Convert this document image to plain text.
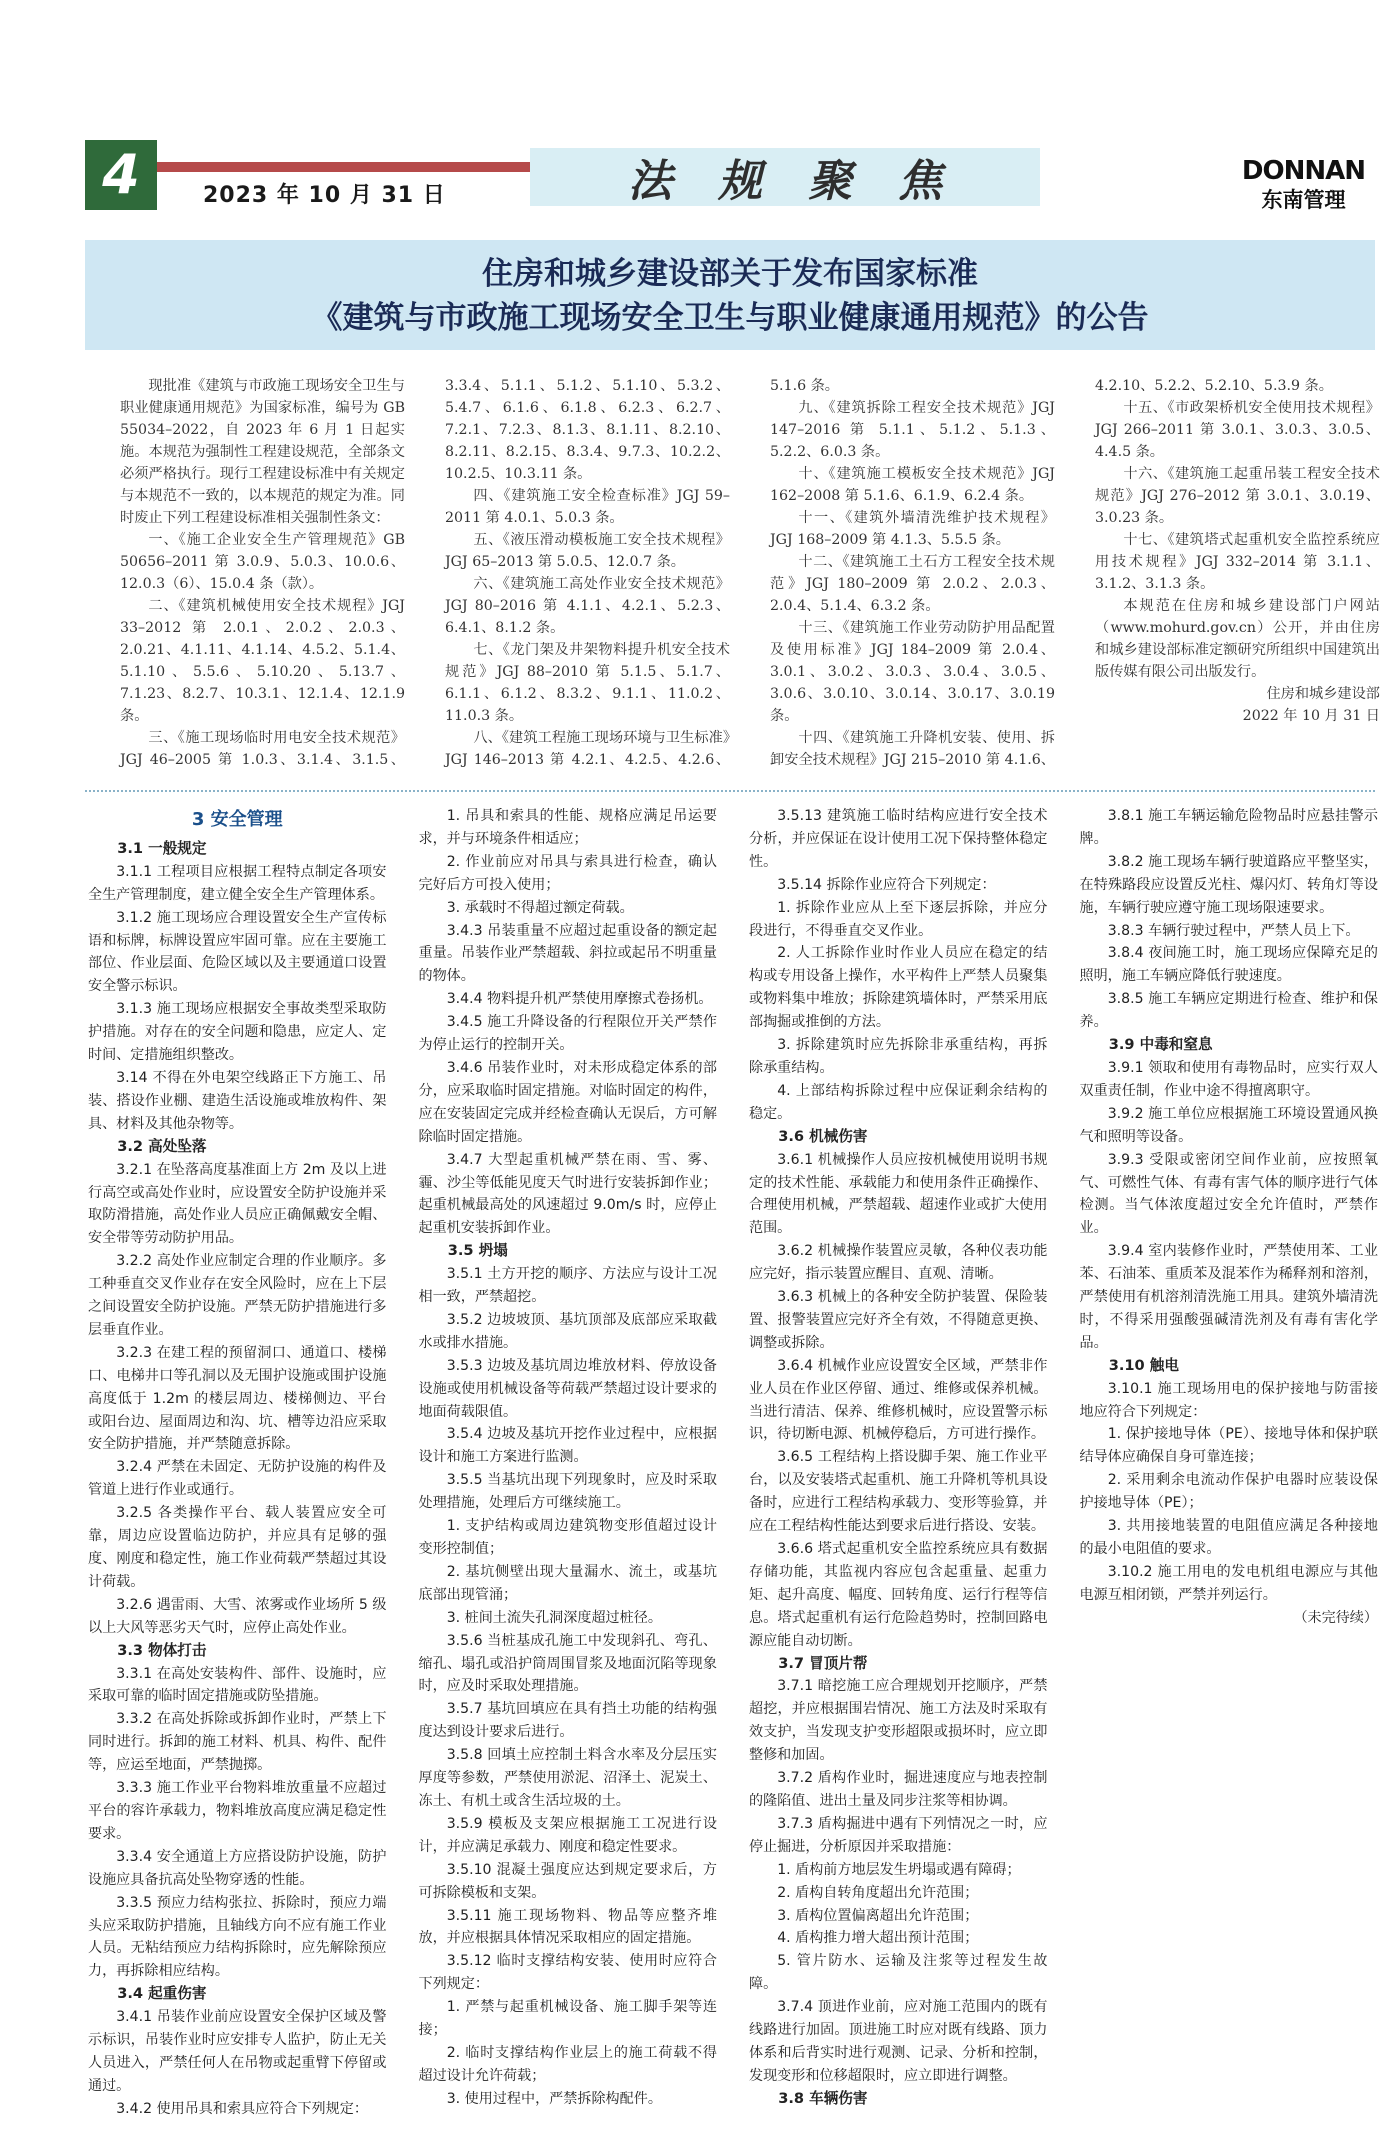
4	2023 年 10 月 31 日	法 规 聚 焦	DONNAN
东南管理
住房和城乡建设部关于发布国家标准
《建筑与市政施工现场安全卫生与职业健康通用规范》的公告

现批准《建筑与市政施工现场安全卫生与职业健康通用规范》为国家标准，编号为 GB 55034–2022，自 2023 年 6 月 1 日起实施。本规范为强制性工程建设规范，全部条文必须严格执行。现行工程建设标准中有关规定与本规范不一致的，以本规范的规定为准。同时废止下列工程建设标准相关强制性条文：

一、《施工企业安全生产管理规范》GB 50656–2011 第 3.0.9、5.0.3、10.0.6、12.0.3（6）、15.0.4 条（款）。

二、《建筑机械使用安全技术规程》JGJ 33–2012 第 2.0.1、2.0.2、2.0.3、2.0.21、4.1.11、4.1.14、4.5.2、5.1.4、5.1.10、5.5.6、5.10.20、5.13.7、7.1.23、8.2.7、10.3.1、12.1.4、12.1.9 条。

三、《施工现场临时用电安全技术规范》JGJ 46–2005 第 1.0.3、3.1.4、3.1.5、3.3.4、5.1.1、5.1.2、5.1.10、5.3.2、5.4.7、6.1.6、6.1.8、6.2.3、6.2.7、7.2.1、7.2.3、8.1.3、8.1.11、8.2.10、8.2.11、8.2.15、8.3.4、9.7.3、10.2.2、10.2.5、10.3.11 条。

四、《建筑施工安全检查标准》JGJ 59–2011 第 4.0.1、5.0.3 条。

五、《液压滑动模板施工安全技术规程》JGJ 65–2013 第 5.0.5、12.0.7 条。

六、《建筑施工高处作业安全技术规范》JGJ 80–2016 第 4.1.1、4.2.1、5.2.3、6.4.1、8.1.2 条。

七、《龙门架及井架物料提升机安全技术规范》JGJ 88–2010 第 5.1.5、5.1.7、6.1.1、6.1.2、8.3.2、9.1.1、11.0.2、11.0.3 条。

八、《建筑工程施工现场环境与卫生标准》JGJ 146–2013 第 4.2.1、4.2.5、4.2.6、5.1.6 条。

九、《建筑拆除工程安全技术规范》JGJ 147–2016 第 5.1.1、5.1.2、5.1.3、5.2.2、6.0.3 条。

十、《建筑施工模板安全技术规范》JGJ 162–2008 第 5.1.6、6.1.9、6.2.4 条。

十一、《建筑外墙清洗维护技术规程》JGJ 168–2009 第 4.1.3、5.5.5 条。

十二、《建筑施工土石方工程安全技术规范》JGJ 180–2009 第 2.0.2、2.0.3、2.0.4、5.1.4、6.3.2 条。

十三、《建筑施工作业劳动防护用品配置及使用标准》JGJ 184–2009 第 2.0.4、3.0.1、3.0.2、3.0.3、3.0.4、3.0.5、3.0.6、3.0.10、3.0.14、3.0.17、3.0.19 条。

十四、《建筑施工升降机安装、使用、拆卸安全技术规程》JGJ 215–2010 第 4.1.6、4.2.10、5.2.2、5.2.10、5.3.9 条。

十五、《市政架桥机安全使用技术规程》JGJ 266–2011 第 3.0.1、3.0.3、3.0.5、4.4.5 条。

十六、《建筑施工起重吊装工程安全技术规范》JGJ 276–2012 第 3.0.1、3.0.19、3.0.23 条。

十七、《建筑塔式起重机安全监控系统应用技术规程》JGJ 332–2014 第 3.1.1、3.1.2、3.1.3 条。

本规范在住房和城乡建设部门户网站（www.mohurd.gov.cn）公开，并由住房和城乡建设部标准定额研究所组织中国建筑出版传媒有限公司出版发行。

住房和城乡建设部

2022 年 10 月 31 日

3 安全管理
3.1 一般规定

3.1.1 工程项目应根据工程特点制定各项安全生产管理制度，建立健全安全生产管理体系。

3.1.2 施工现场应合理设置安全生产宣传标语和标牌，标牌设置应牢固可靠。应在主要施工部位、作业层面、危险区域以及主要通道口设置安全警示标识。

3.1.3 施工现场应根据安全事故类型采取防护措施。对存在的安全问题和隐患，应定人、定时间、定措施组织整改。

3.14 不得在外电架空线路正下方施工、吊装、搭设作业棚、建造生活设施或堆放构件、架具、材料及其他杂物等。

3.2 高处坠落

3.2.1 在坠落高度基准面上方 2m 及以上进行高空或高处作业时，应设置安全防护设施并采取防滑措施，高处作业人员应正确佩戴安全帽、安全带等劳动防护用品。

3.2.2 高处作业应制定合理的作业顺序。多工种垂直交叉作业存在安全风险时，应在上下层之间设置安全防护设施。严禁无防护措施进行多层垂直作业。

3.2.3 在建工程的预留洞口、通道口、楼梯口、电梯井口等孔洞以及无围护设施或围护设施高度低于 1.2m 的楼层周边、楼梯侧边、平台或阳台边、屋面周边和沟、坑、槽等边沿应采取安全防护措施，并严禁随意拆除。

3.2.4 严禁在未固定、无防护设施的构件及管道上进行作业或通行。

3.2.5 各类操作平台、载人装置应安全可靠，周边应设置临边防护，并应具有足够的强度、刚度和稳定性，施工作业荷载严禁超过其设计荷载。

3.2.6 遇雷雨、大雪、浓雾或作业场所 5 级以上大风等恶劣天气时，应停止高处作业。

3.3 物体打击

3.3.1 在高处安装构件、部件、设施时，应采取可靠的临时固定措施或防坠措施。

3.3.2 在高处拆除或拆卸作业时，严禁上下同时进行。拆卸的施工材料、机具、构件、配件等，应运至地面，严禁抛掷。

3.3.3 施工作业平台物料堆放重量不应超过平台的容许承载力，物料堆放高度应满足稳定性要求。

3.3.4 安全通道上方应搭设防护设施，防护设施应具备抗高处坠物穿透的性能。

3.3.5 预应力结构张拉、拆除时，预应力端头应采取防护措施，且轴线方向不应有施工作业人员。无粘结预应力结构拆除时，应先解除预应力，再拆除相应结构。

3.4 起重伤害

3.4.1 吊装作业前应设置安全保护区域及警示标识，吊装作业时应安排专人监护，防止无关人员进入，严禁任何人在吊物或起重臂下停留或通过。

3.4.2 使用吊具和索具应符合下列规定：

1. 吊具和索具的性能、规格应满足吊运要求，并与环境条件相适应；

2. 作业前应对吊具与索具进行检查，确认完好后方可投入使用；

3. 承载时不得超过额定荷载。

3.4.3 吊装重量不应超过起重设备的额定起重量。吊装作业严禁超载、斜拉或起吊不明重量的物体。

3.4.4 物料提升机严禁使用摩擦式卷扬机。

3.4.5 施工升降设备的行程限位开关严禁作为停止运行的控制开关。

3.4.6 吊装作业时，对未形成稳定体系的部分，应采取临时固定措施。对临时固定的构件，应在安装固定完成并经检查确认无误后，方可解除临时固定措施。

3.4.7 大型起重机械严禁在雨、雪、雾、霾、沙尘等低能见度天气时进行安装拆卸作业；起重机械最高处的风速超过 9.0m/s 时，应停止起重机安装拆卸作业。

3.5 坍塌

3.5.1 土方开挖的顺序、方法应与设计工况相一致，严禁超挖。

3.5.2 边坡坡顶、基坑顶部及底部应采取截水或排水措施。

3.5.3 边坡及基坑周边堆放材料、停放设备设施或使用机械设备等荷载严禁超过设计要求的地面荷载限值。

3.5.4 边坡及基坑开挖作业过程中，应根据设计和施工方案进行监测。

3.5.5 当基坑出现下列现象时，应及时采取处理措施，处理后方可继续施工。

1. 支护结构或周边建筑物变形值超过设计变形控制值；

2. 基坑侧壁出现大量漏水、流土，或基坑底部出现管涌；

3. 桩间土流失孔洞深度超过桩径。

3.5.6 当桩基成孔施工中发现斜孔、弯孔、缩孔、塌孔或沿护筒周围冒浆及地面沉陷等现象时，应及时采取处理措施。

3.5.7 基坑回填应在具有挡土功能的结构强度达到设计要求后进行。

3.5.8 回填土应控制土料含水率及分层压实厚度等参数，严禁使用淤泥、沼泽土、泥炭土、冻土、有机土或含生活垃圾的土。

3.5.9 模板及支架应根据施工工况进行设计，并应满足承载力、刚度和稳定性要求。

3.5.10 混凝土强度应达到规定要求后，方可拆除模板和支架。

3.5.11 施工现场物料、物品等应整齐堆放，并应根据具体情况采取相应的固定措施。

3.5.12 临时支撑结构安装、使用时应符合下列规定：

1. 严禁与起重机械设备、施工脚手架等连接；

2. 临时支撑结构作业层上的施工荷载不得超过设计允许荷载；

3. 使用过程中，严禁拆除构配件。

3.5.13 建筑施工临时结构应进行安全技术分析，并应保证在设计使用工况下保持整体稳定性。

3.5.14 拆除作业应符合下列规定：

1. 拆除作业应从上至下逐层拆除，并应分段进行，不得垂直交叉作业。

2. 人工拆除作业时作业人员应在稳定的结构或专用设备上操作，水平构件上严禁人员聚集或物料集中堆放；拆除建筑墙体时，严禁采用底部掏掘或推倒的方法。

3. 拆除建筑时应先拆除非承重结构，再拆除承重结构。

4. 上部结构拆除过程中应保证剩余结构的稳定。

3.6 机械伤害

3.6.1 机械操作人员应按机械使用说明书规定的技术性能、承载能力和使用条件正确操作、合理使用机械，严禁超载、超速作业或扩大使用范围。

3.6.2 机械操作装置应灵敏，各种仪表功能应完好，指示装置应醒目、直观、清晰。

3.6.3 机械上的各种安全防护装置、保险装置、报警装置应完好齐全有效，不得随意更换、调整或拆除。

3.6.4 机械作业应设置安全区域，严禁非作业人员在作业区停留、通过、维修或保养机械。当进行清洁、保养、维修机械时，应设置警示标识，待切断电源、机械停稳后，方可进行操作。

3.6.5 工程结构上搭设脚手架、施工作业平台，以及安装塔式起重机、施工升降机等机具设备时，应进行工程结构承载力、变形等验算，并应在工程结构性能达到要求后进行搭设、安装。

3.6.6 塔式起重机安全监控系统应具有数据存储功能，其监视内容应包含起重量、起重力矩、起升高度、幅度、回转角度、运行行程等信息。塔式起重机有运行危险趋势时，控制回路电源应能自动切断。

3.7 冒顶片帮

3.7.1 暗挖施工应合理规划开挖顺序，严禁超挖，并应根据围岩情况、施工方法及时采取有效支护，当发现支护变形超限或损坏时，应立即整修和加固。

3.7.2 盾构作业时，掘进速度应与地表控制的隆陷值、进出土量及同步注浆等相协调。

3.7.3 盾构掘进中遇有下列情况之一时，应停止掘进，分析原因并采取措施：

1. 盾构前方地层发生坍塌或遇有障碍；

2. 盾构自转角度超出允许范围；

3. 盾构位置偏离超出允许范围；

4. 盾构推力增大超出预计范围；

5. 管片防水、运输及注浆等过程发生故障。

3.7.4 顶进作业前，应对施工范围内的既有线路进行加固。顶进施工时应对既有线路、顶力体系和后背实时进行观测、记录、分析和控制，发现变形和位移超限时，应立即进行调整。

3.8 车辆伤害

3.8.1 施工车辆运输危险物品时应悬挂警示牌。

3.8.2 施工现场车辆行驶道路应平整坚实，在特殊路段应设置反光柱、爆闪灯、转角灯等设施，车辆行驶应遵守施工现场限速要求。

3.8.3 车辆行驶过程中，严禁人员上下。

3.8.4 夜间施工时，施工现场应保障充足的照明，施工车辆应降低行驶速度。

3.8.5 施工车辆应定期进行检查、维护和保养。

3.9 中毒和窒息

3.9.1 领取和使用有毒物品时，应实行双人双重责任制，作业中途不得擅离职守。

3.9.2 施工单位应根据施工环境设置通风换气和照明等设备。

3.9.3 受限或密闭空间作业前，应按照氧气、可燃性气体、有毒有害气体的顺序进行气体检测。当气体浓度超过安全允许值时，严禁作业。

3.9.4 室内装修作业时，严禁使用苯、工业苯、石油苯、重质苯及混苯作为稀释剂和溶剂，严禁使用有机溶剂清洗施工用具。建筑外墙清洗时，不得采用强酸强碱清洗剂及有毒有害化学品。

3.10 触电

3.10.1 施工现场用电的保护接地与防雷接地应符合下列规定：

1. 保护接地导体（PE）、接地导体和保护联结导体应确保自身可靠连接；

2. 采用剩余电流动作保护电器时应装设保护接地导体（PE）；

3. 共用接地装置的电阻值应满足各种接地的最小电阻值的要求。

3.10.2 施工用电的发电机组电源应与其他电源互相闭锁，严禁并列运行。

（未完待续）
